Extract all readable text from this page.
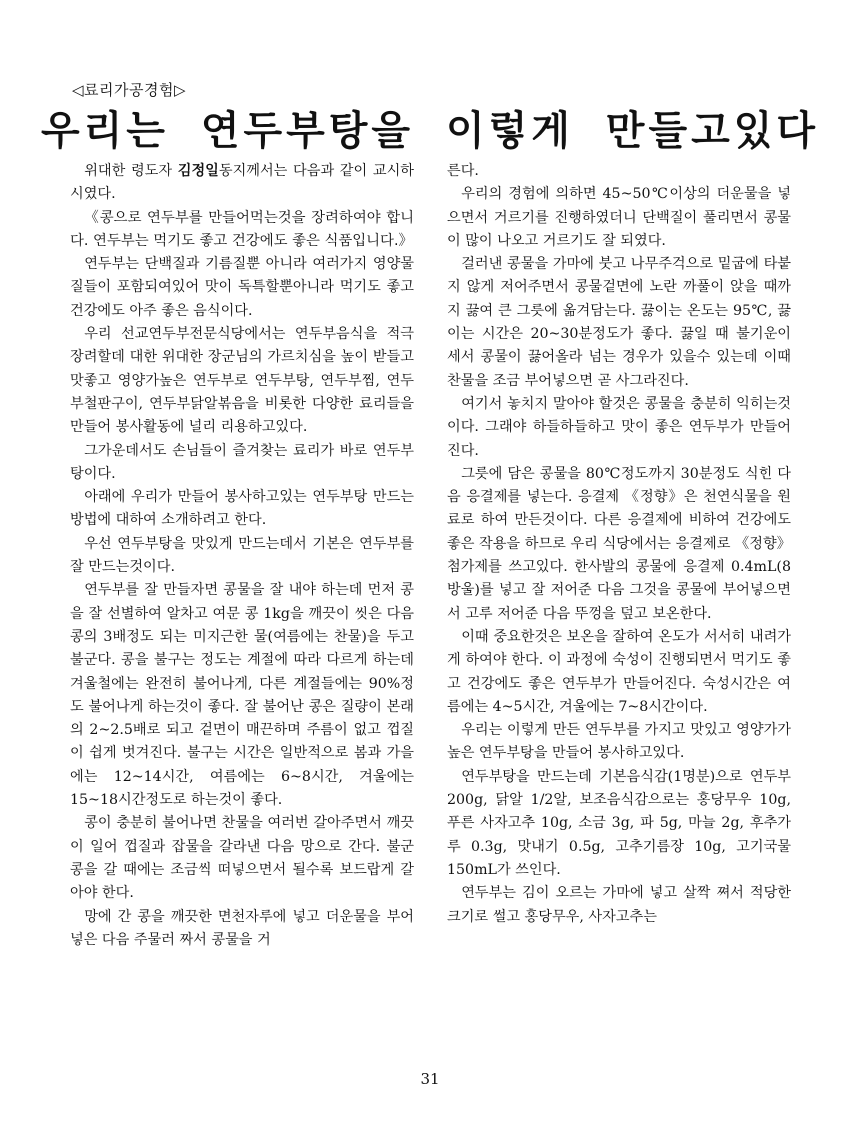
◁료리가공경험▷
우리는 연두부탕을 이렇게 만들고있다

위대한 령도자 김정일동지께서는 다음과 같이 교시하시였다.

《콩으로 연두부를 만들어먹는것을 장려하여야 합니다. 연두부는 먹기도 좋고 건강에도 좋은 식품입니다.》

연두부는 단백질과 기름질뿐 아니라 여러가지 영양물질들이 포함되여있어 맛이 독특할뿐아니라 먹기도 좋고 건강에도 아주 좋은 음식이다.

우리 선교연두부전문식당에서는 연두부음식을 적극 장려할데 대한 위대한 장군님의 가르치심을 높이 받들고 맛좋고 영양가높은 연두부로 연두부탕, 연두부찜, 연두부철판구이, 연두부닭알볶음을 비롯한 다양한 료리들을 만들어 봉사활동에 널리 리용하고있다.

그가운데서도 손님들이 즐겨찾는 료리가 바로 연두부탕이다.

아래에 우리가 만들어 봉사하고있는 연두부탕 만드는 방법에 대하여 소개하려고 한다.

우선 연두부탕을 맛있게 만드는데서 기본은 연두부를 잘 만드는것이다.

연두부를 잘 만들자면 콩물을 잘 내야 하는데 먼저 콩을 잘 선별하여 알차고 여문 콩 1kg을 깨끗이 씻은 다음 콩의 3배정도 되는 미지근한 물(여름에는 찬물)을 두고 불군다. 콩을 불구는 정도는 계절에 따라 다르게 하는데 겨울철에는 완전히 불어나게, 다른 계절들에는 90%정도 불어나게 하는것이 좋다. 잘 불어난 콩은 질량이 본래의 2~2.5배로 되고 겉면이 매끈하며 주름이 없고 껍질이 쉽게 벗겨진다. 불구는 시간은 일반적으로 봄과 가을에는 12~14시간, 여름에는 6~8시간, 겨울에는 15~18시간정도로 하는것이 좋다.

콩이 충분히 불어나면 찬물을 여러번 갈아주면서 깨끗이 일어 껍질과 잡물을 갈라낸 다음 망으로 간다. 불군 콩을 갈 때에는 조금씩 떠넣으면서 될수록 보드랍게 갈아야 한다.

망에 간 콩을 깨끗한 면천자루에 넣고 더운물을 부어넣은 다음 주물러 짜서 콩물을 거

른다.

우리의 경험에 의하면 45~50℃이상의 더운물을 넣으면서 거르기를 진행하였더니 단백질이 풀리면서 콩물이 많이 나오고 거르기도 잘 되였다.

걸러낸 콩물을 가마에 붓고 나무주걱으로 밑굽에 타붙지 않게 저어주면서 콩물겉면에 노란 까풀이 앉을 때까지 끓여 큰 그릇에 옮겨담는다. 끓이는 온도는 95℃, 끓이는 시간은 20~30분정도가 좋다. 끓일 때 불기운이 세서 콩물이 끓어올라 넘는 경우가 있을수 있는데 이때 찬물을 조금 부어넣으면 곧 사그라진다.

여기서 놓치지 말아야 할것은 콩물을 충분히 익히는것이다. 그래야 하들하들하고 맛이 좋은 연두부가 만들어진다.

그릇에 담은 콩물을 80℃정도까지 30분정도 식힌 다음 응결제를 넣는다. 응결제 《정향》은 천연식물을 원료로 하여 만든것이다. 다른 응결제에 비하여 건강에도 좋은 작용을 하므로 우리 식당에서는 응결제로 《정향》첨가제를 쓰고있다. 한사발의 콩물에 응결제 0.4mL(8방울)를 넣고 잘 저어준 다음 그것을 콩물에 부어넣으면서 고루 저어준 다음 뚜껑을 덮고 보온한다.

이때 중요한것은 보온을 잘하여 온도가 서서히 내려가게 하여야 한다. 이 과정에 숙성이 진행되면서 먹기도 좋고 건강에도 좋은 연두부가 만들어진다. 숙성시간은 여름에는 4~5시간, 겨울에는 7~8시간이다.

우리는 이렇게 만든 연두부를 가지고 맛있고 영양가가 높은 연두부탕을 만들어 봉사하고있다.

연두부탕을 만드는데 기본음식감(1명분)으로 연두부 200g, 닭알 1/2알, 보조음식감으로는 홍당무우 10g, 푸른 사자고추 10g, 소금 3g, 파 5g, 마늘 2g, 후추가루 0.3g, 맛내기 0.5g, 고추기름장 10g, 고기국물 150mL가 쓰인다.

연두부는 김이 오르는 가마에 넣고 살짝 쪄서 적당한 크기로 썰고 홍당무우, 사자고추는

31
